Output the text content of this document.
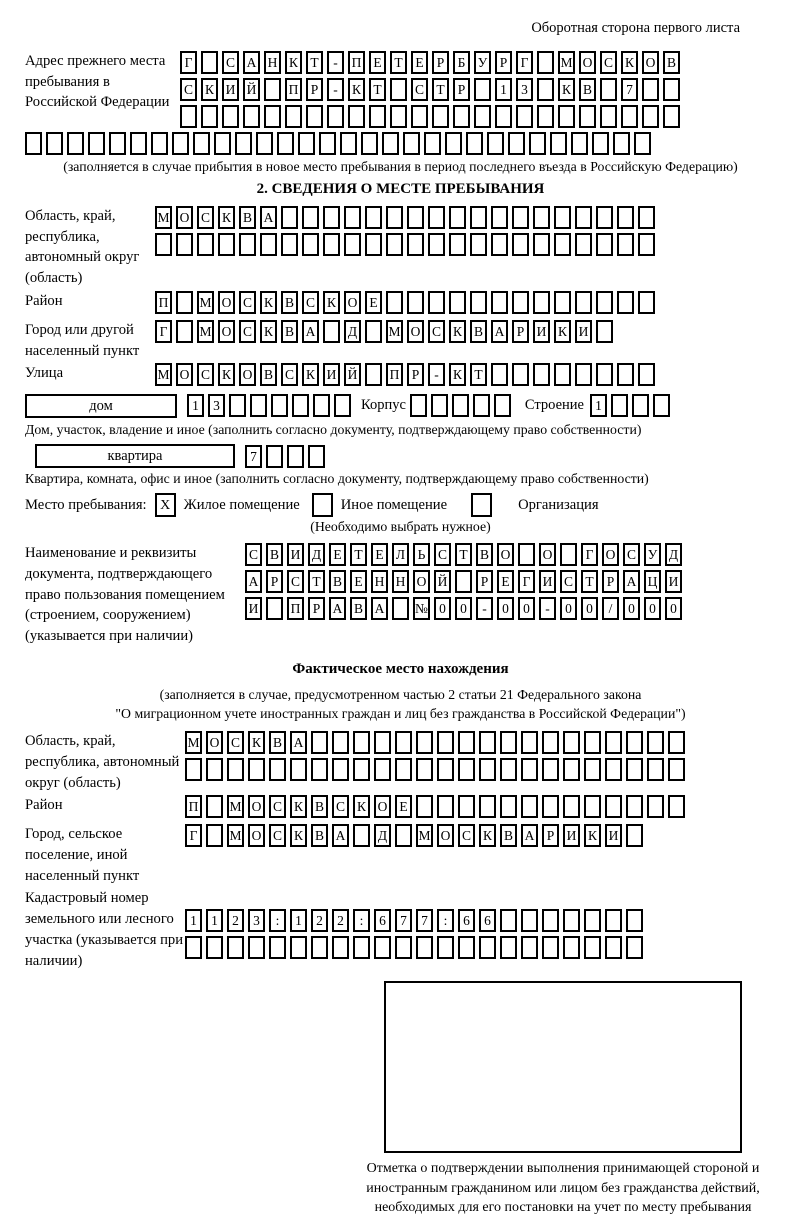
Оборотная сторона первого листа
Адрес прежнего места пребывания в Российской Федерации
Г	С А Н К Т	-	П Е Т Е Р Б У Р Г	М О С К О В
С К И Й П Р	-	К Т	С Т Р	1	3	К В	7
(заполняется в случае прибытия в новое место пребывания в период последнего въезда в Российскую Федерацию)
2. СВЕДЕНИЯ О МЕСТЕ ПРЕБЫВАНИЯ
Область, край, республика, автономный округ (область)
М О С К В А
Район	П М О С К В С К О Е
Город или другой населенный пункт
Г	М О С К В А Д М О С К В А Р И К И
Улица	М О С К О В С К И Й П Р	-	К Т
дом	1	3	Корпус	Строение 1
Дом, участок, владение и иное (заполнить согласно документу, подтверждающему право собственности)
квартира	7
Квартира, комната, офис и иное (заполнить согласно документу, подтверждающему право собственности)
Место пребывания: X Жилое помещение	Иное помещение	Организация
(Необходимо выбрать нужное)
Наименование и реквизиты документа, подтверждающего право пользования помещением (строением, сооружением) (указывается при наличии)
С В И Д Е Т Е Л Ь С Т В О О	Г О С У Д
А Р С Т В Е Н Н О Й	Р Е Г И С Т Р А Ц И
И П Р А В А № 0	0	-	0	0	-	0	0	/	0	0	0
Фактическое место нахождения
(заполняется в случае, предусмотренном частью 2 статьи 21 Федерального закона
"О миграционном учете иностранных граждан и лиц без гражданства в Российской Федерации")
Область, край, республика, автономный округ (область)
М О С К В А
Район	П М О С К В С К О Е
Город, сельское поселение, иной населенный пункт
Г	М О С К В А Д М О С К В А Р И К И
Кадастровый номер земельного или лесного участка (указывается при наличии)
1	1	2	3	:	1	2	2	:	6	7	7	:	6	6
Отметка о подтверждении выполнения принимающей стороной и иностранным гражданином или лицом без гражданства действий, необходимых для его постановки на учет по месту пребывания
